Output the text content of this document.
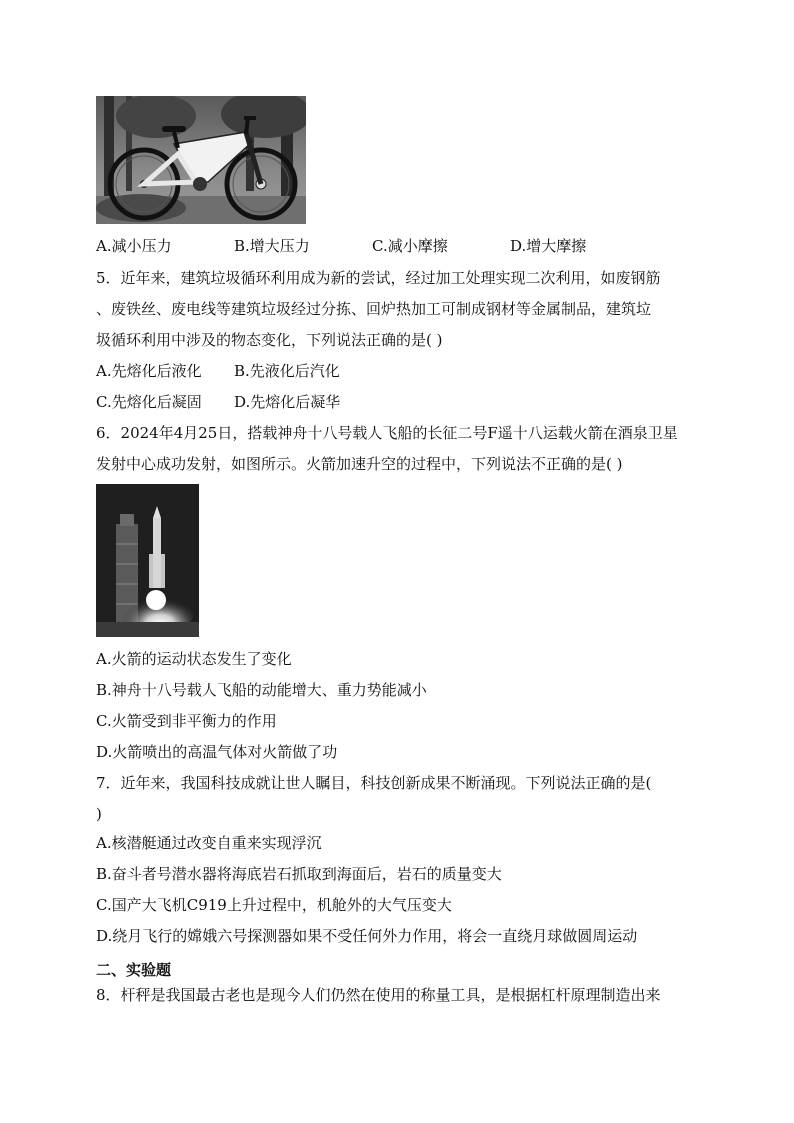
A.减小压力	B.增大压力	C.减小摩擦	D.增大摩擦
5．近年来，建筑垃圾循环利用成为新的尝试，经过加工处理实现二次利用，如废钢筋
、废铁丝、废电线等建筑垃圾经过分拣、回炉热加工可制成钢材等金属制品，建筑垃
圾循环利用中涉及的物态变化，下列说法正确的是( )
A.先熔化后液化 B.先液化后汽化
C.先熔化后凝固 D.先熔化后凝华
6．2024年4月25日，搭载神舟十八号载人飞船的长征二号F遥十八运载火箭在酒泉卫星
发射中心成功发射，如图所示。火箭加速升空的过程中，下列说法不正确的是( )
A.火箭的运动状态发生了变化
B.神舟十八号载人飞船的动能增大、重力势能减小
C.火箭受到非平衡力的作用
D.火箭喷出的高温气体对火箭做了功
7．近年来，我国科技成就让世人瞩目，科技创新成果不断涌现。下列说法正确的是(
)
A.核潜艇通过改变自重来实现浮沉
B.奋斗者号潜水器将海底岩石抓取到海面后，岩石的质量变大
C.国产大飞机C919上升过程中，机舱外的大气压变大
D.绕月飞行的嫦娥六号探测器如果不受任何外力作用，将会一直绕月球做圆周运动
二、实验题
8．杆秤是我国最古老也是现今人们仍然在使用的称量工具，是根据杠杆原理制造出来
